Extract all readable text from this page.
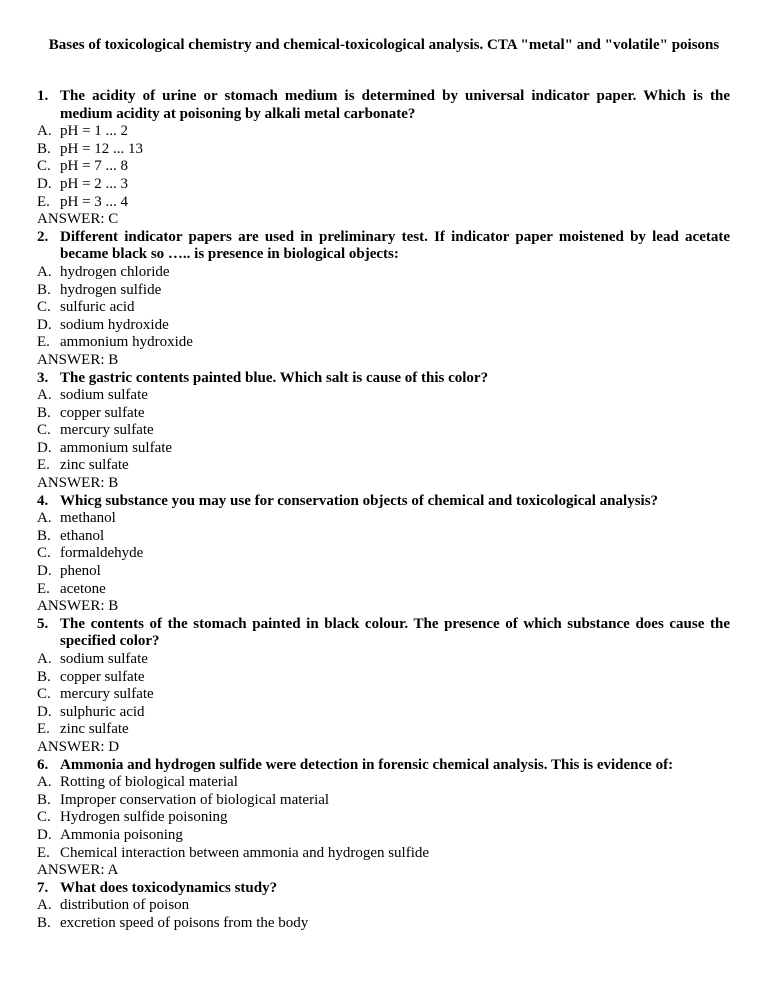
Bases of toxicological chemistry and chemical-toxicological analysis. CTA "metal" and "volatile" poisons
1. The acidity of urine or stomach medium is determined by universal indicator paper. Which is the medium acidity at poisoning by alkali metal carbonate?
A. pH = 1 ... 2
B. pH = 12 ... 13
C. pH = 7 ... 8
D. pH = 2 ... 3
E. pH = 3 ... 4
ANSWER: C
2. Different indicator papers are used in preliminary test. If indicator paper moistened by lead acetate became black so ….. is presence in biological objects:
A. hydrogen chloride
B. hydrogen sulfide
C. sulfuric acid
D. sodium hydroxide
E. ammonium hydroxide
ANSWER: B
3. The gastric contents painted blue. Which salt is cause of this color?
A. sodium sulfate
B. copper sulfate
C. mercury sulfate
D. ammonium sulfate
E. zinc sulfate
ANSWER: B
4. Whicg substance you may use for conservation objects of chemical and toxicological analysis?
A. methanol
B. ethanol
C. formaldehyde
D. phenol
E. acetone
ANSWER: B
5. The contents of the stomach painted in black colour. The presence of which substance does cause the specified color?
A. sodium sulfate
B. copper sulfate
C. mercury sulfate
D. sulphuric acid
E. zinc sulfate
ANSWER: D
6. Ammonia and hydrogen sulfide were detection in forensic chemical analysis. This is evidence of:
A. Rotting of biological material
B. Improper conservation of biological material
C. Hydrogen sulfide poisoning
D. Ammonia poisoning
E. Chemical interaction between ammonia and hydrogen sulfide
ANSWER: A
7. What does toxicodynamics study?
A. distribution of poison
B. excretion speed of poisons from the body
